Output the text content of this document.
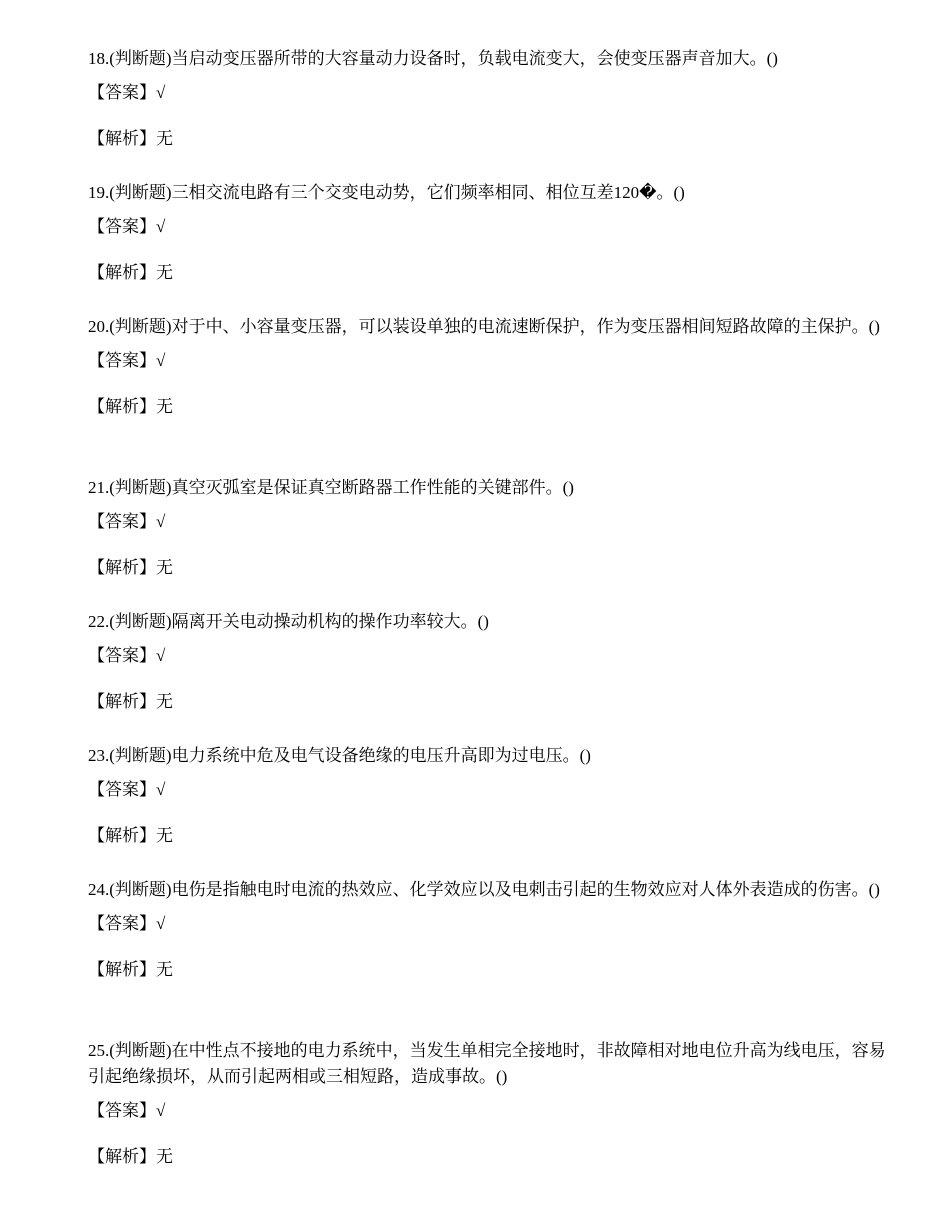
18.(判断题)当启动变压器所带的大容量动力设备时，负载电流变大，会使变压器声音加大。()

【答案】√

【解析】无

19.(判断题)三相交流电路有三个交变电动势，它们频率相同、相位互差120�。()

【答案】√

【解析】无

20.(判断题)对于中、小容量变压器，可以装设单独的电流速断保护，作为变压器相间短路故障的主保护。()

【答案】√

【解析】无

21.(判断题)真空灭弧室是保证真空断路器工作性能的关键部件。()

【答案】√

【解析】无

22.(判断题)隔离开关电动操动机构的操作功率较大。()

【答案】√

【解析】无

23.(判断题)电力系统中危及电气设备绝缘的电压升高即为过电压。()

【答案】√

【解析】无

24.(判断题)电伤是指触电时电流的热效应、化学效应以及电刺击引起的生物效应对人体外表造成的伤害。()

【答案】√

【解析】无

25.(判断题)在中性点不接地的电力系统中，当发生单相完全接地时，非故障相对地电位升高为线电压，容易引起绝缘损坏，从而引起两相或三相短路，造成事故。()

【答案】√

【解析】无
